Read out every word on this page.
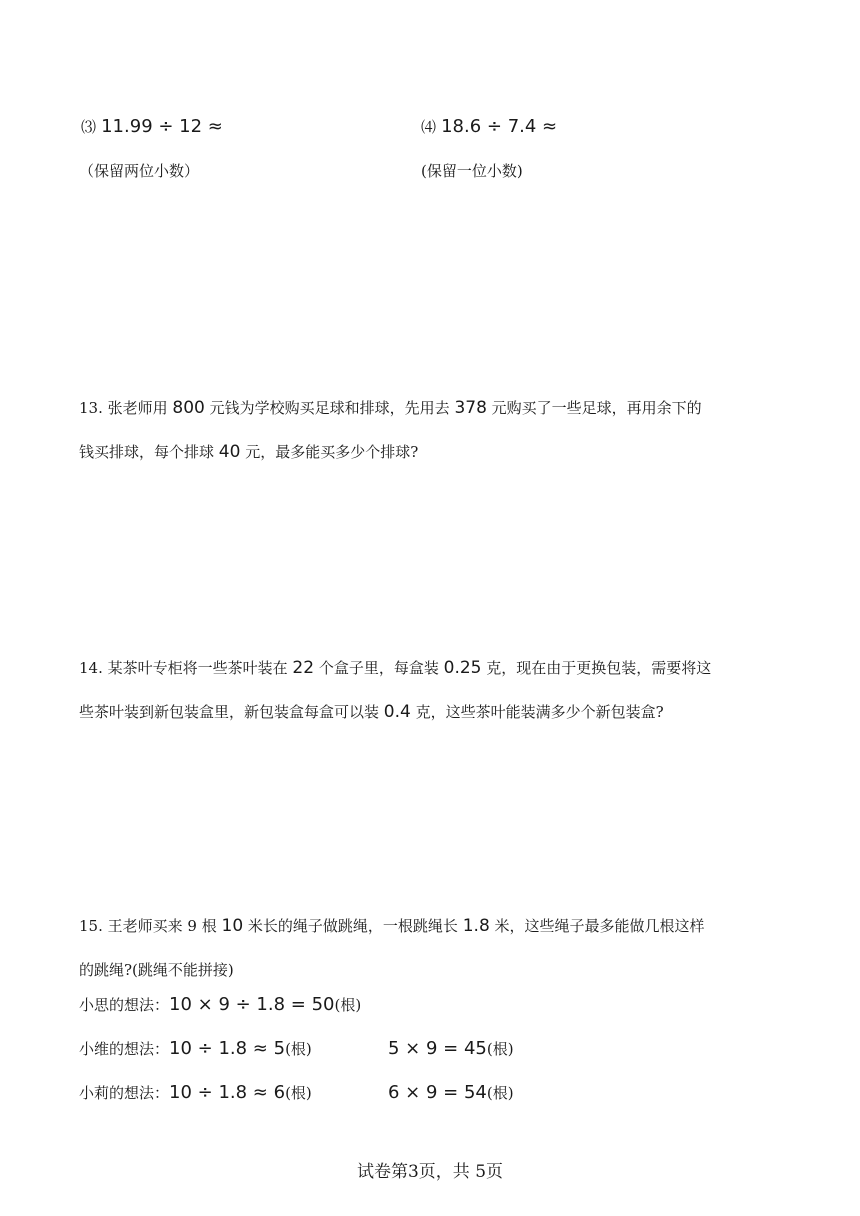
⑶ 11.99 ÷ 12 ≈
（保留两位小数）
⑷ 18.6 ÷ 7.4 ≈
(保留一位小数)
13. 张老师用 800 元钱为学校购买足球和排球，先用去 378 元购买了一些足球，再用余下的
钱买排球，每个排球 40 元，最多能买多少个排球?
14. 某茶叶专柜将一些茶叶装在 22 个盒子里，每盒装 0.25 克，现在由于更换包装，需要将这
些茶叶装到新包装盒里，新包装盒每盒可以装 0.4 克，这些茶叶能装满多少个新包装盒?
15. 王老师买来 9 根 10 米长的绳子做跳绳，一根跳绳长 1.8 米，这些绳子最多能做几根这样
的跳绳?(跳绳不能拼接)
小思的想法：10 × 9 ÷ 1.8 = 50(根)
小维的想法：10 ÷ 1.8 ≈ 5(根)	5 × 9 = 45(根)
小莉的想法：10 ÷ 1.8 ≈ 6(根)	6 × 9 = 54(根)
试卷第3页，共 5页
